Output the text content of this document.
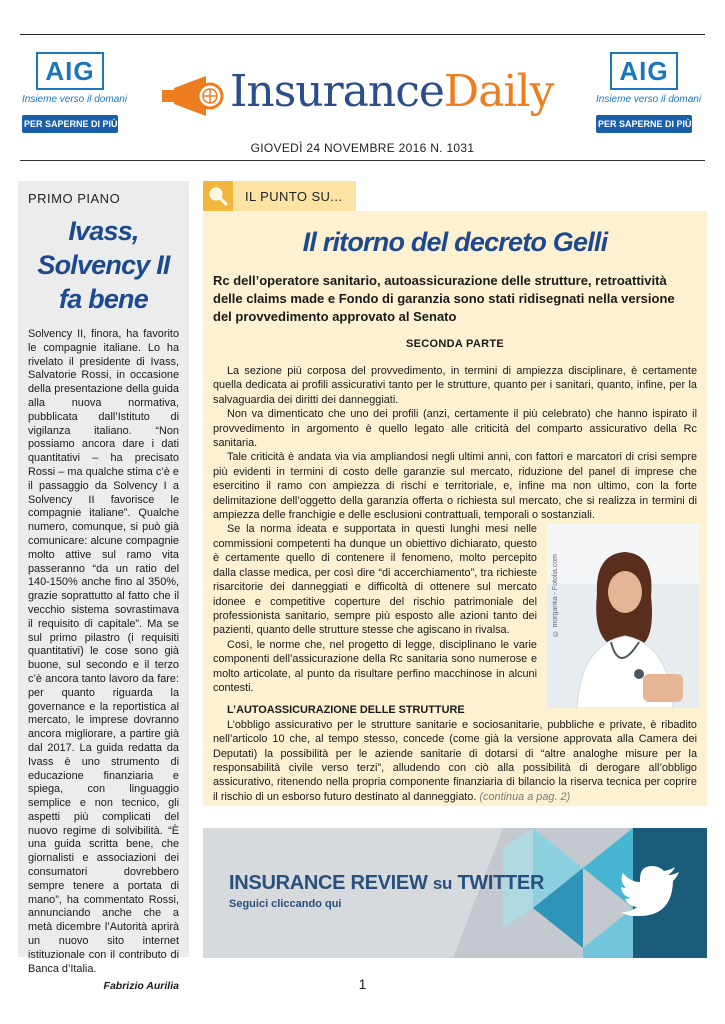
AIG
Insieme verso il domani
PER SAPERNE DI PIÙ
InsuranceDaily	AIG
Insieme verso il domani
PER SAPERNE DI PIÙ
GIOVEDÌ 24 NOVEMBRE 2016 N. 1031
PRIMO PIANO
Ivass,
Solvency II
fa bene
Solvency II, finora, ha favorito le compagnie italiane. Lo ha rivelato il presidente di Ivass, Salvatorie Rossi, in occasione della presentazione della guida alla nuova normativa, pubblicata dall’Istituto di vigilanza italiano. “Non possiamo ancora dare i dati quantitativi – ha precisato Rossi – ma qualche stima c’è e il passaggio da Solvency I a Solvency II favorisce le compagnie italiane”. Qualche numero, comunque, si può già comunicare: alcune compagnie molto attive sul ramo vita passeranno “da un ratio del 140-150% anche fino al 350%, grazie soprattutto al fatto che il vecchio sistema sovrastimava il requisito di capitale”. Ma se sul primo pilastro (i requisiti quantitativi) le cose sono già buone, sul secondo e il terzo c’è ancora tanto lavoro da fare: per quanto riguarda la governance e la reportistica al mercato, le imprese dovranno ancora migliorare, a partire già dal 2017. La guida redatta da Ivass è uno strumento di educazione finanziaria e spiega, con linguaggio semplice e non tecnico, gli aspetti più complicati del nuovo regime di solvibilità. “È una guida scritta bene, che giornalisti e associazioni dei consumatori dovrebbero sempre tenere a portata di mano”, ha commentato Rossi, annunciando anche che a metà dicembre l’Autorità aprirà un nuovo sito internet istituzionale con il contributo di Banca d’Italia.
Fabrizio Aurilia
IL PUNTO SU...
Il ritorno del decreto Gelli
Rc dell’operatore sanitario, autoassicurazione delle strutture, retroattività delle claims made e Fondo di garanzia sono stati ridisegnati nella versione del provvedimento approvato al Senato
SECONDA PARTE

La sezione più corposa del provvedimento, in termini di ampiezza disciplinare, è certamente quella dedicata ai profili assicurativi tanto per le strutture, quanto per i sanitari, quanto, infine, per la salvaguardia dei diritti dei danneggiati.

Non va dimenticato che uno dei profili (anzi, certamente il più celebrato) che hanno ispirato il provvedimento in argomento è quello legato alle criticità del comparto assicurativo della Rc sanitaria.

Tale criticità è andata via via ampliandosi negli ultimi anni, con fattori e marcatori di crisi sempre più evidenti in termini di costo delle garanzie sul mercato, riduzione del panel di imprese che esercitino il ramo con ampiezza di rischi e territoriale, e, infine ma non ultimo, con la forte delimitazione dell’oggetto della garanzia offerta o richiesta sul mercato, che si realizza in termini di ampiezza delle franchigie e delle esclusioni contrattuali, temporali o sostanziali.

© morganka - Fotolia.com

Se la norma ideata e supportata in questi lunghi mesi nelle commissioni competenti ha dunque un obiettivo dichiarato, questo è certamente quello di contenere il fenomeno, molto percepito dalla classe medica, per così dire “di accerchiamento”, tra richieste risarcitorie dei danneggiati e difficoltà di ottenere sul mercato idonee e competitive coperture del rischio patrimoniale del professionista sanitario, sempre più esposto alle azioni tanto dei pazienti, quanto delle strutture stesse che agiscano in rivalsa.

Così, le norme che, nel progetto di legge, disciplinano le varie componenti dell’assicurazione della Rc sanitaria sono numerose e molto articolate, al punto da risultare perfino macchinose in alcuni contesti.

L’AUTOASSICURAZIONE DELLE STRUTTURE

L’obbligo assicurativo per le strutture sanitarie e sociosanitarie, pubbliche e private, è ribadito nell’articolo 10 che, al tempo stesso, concede (come già la versione approvata alla Camera dei Deputati) la possibilità per le aziende sanitarie di dotarsi di “altre analoghe misure per la responsabilità civile verso terzi”, alludendo con ciò alla possibilità di derogare all’obbligo assicurativo, ritenendo nella propria componente finanziaria di bilancio la riserva tecnica per coprire il rischio di un esborso futuro destinato al danneggiato. (continua a pag. 2)

INSURANCE REVIEW su TWITTER
Seguici cliccando qui
1
